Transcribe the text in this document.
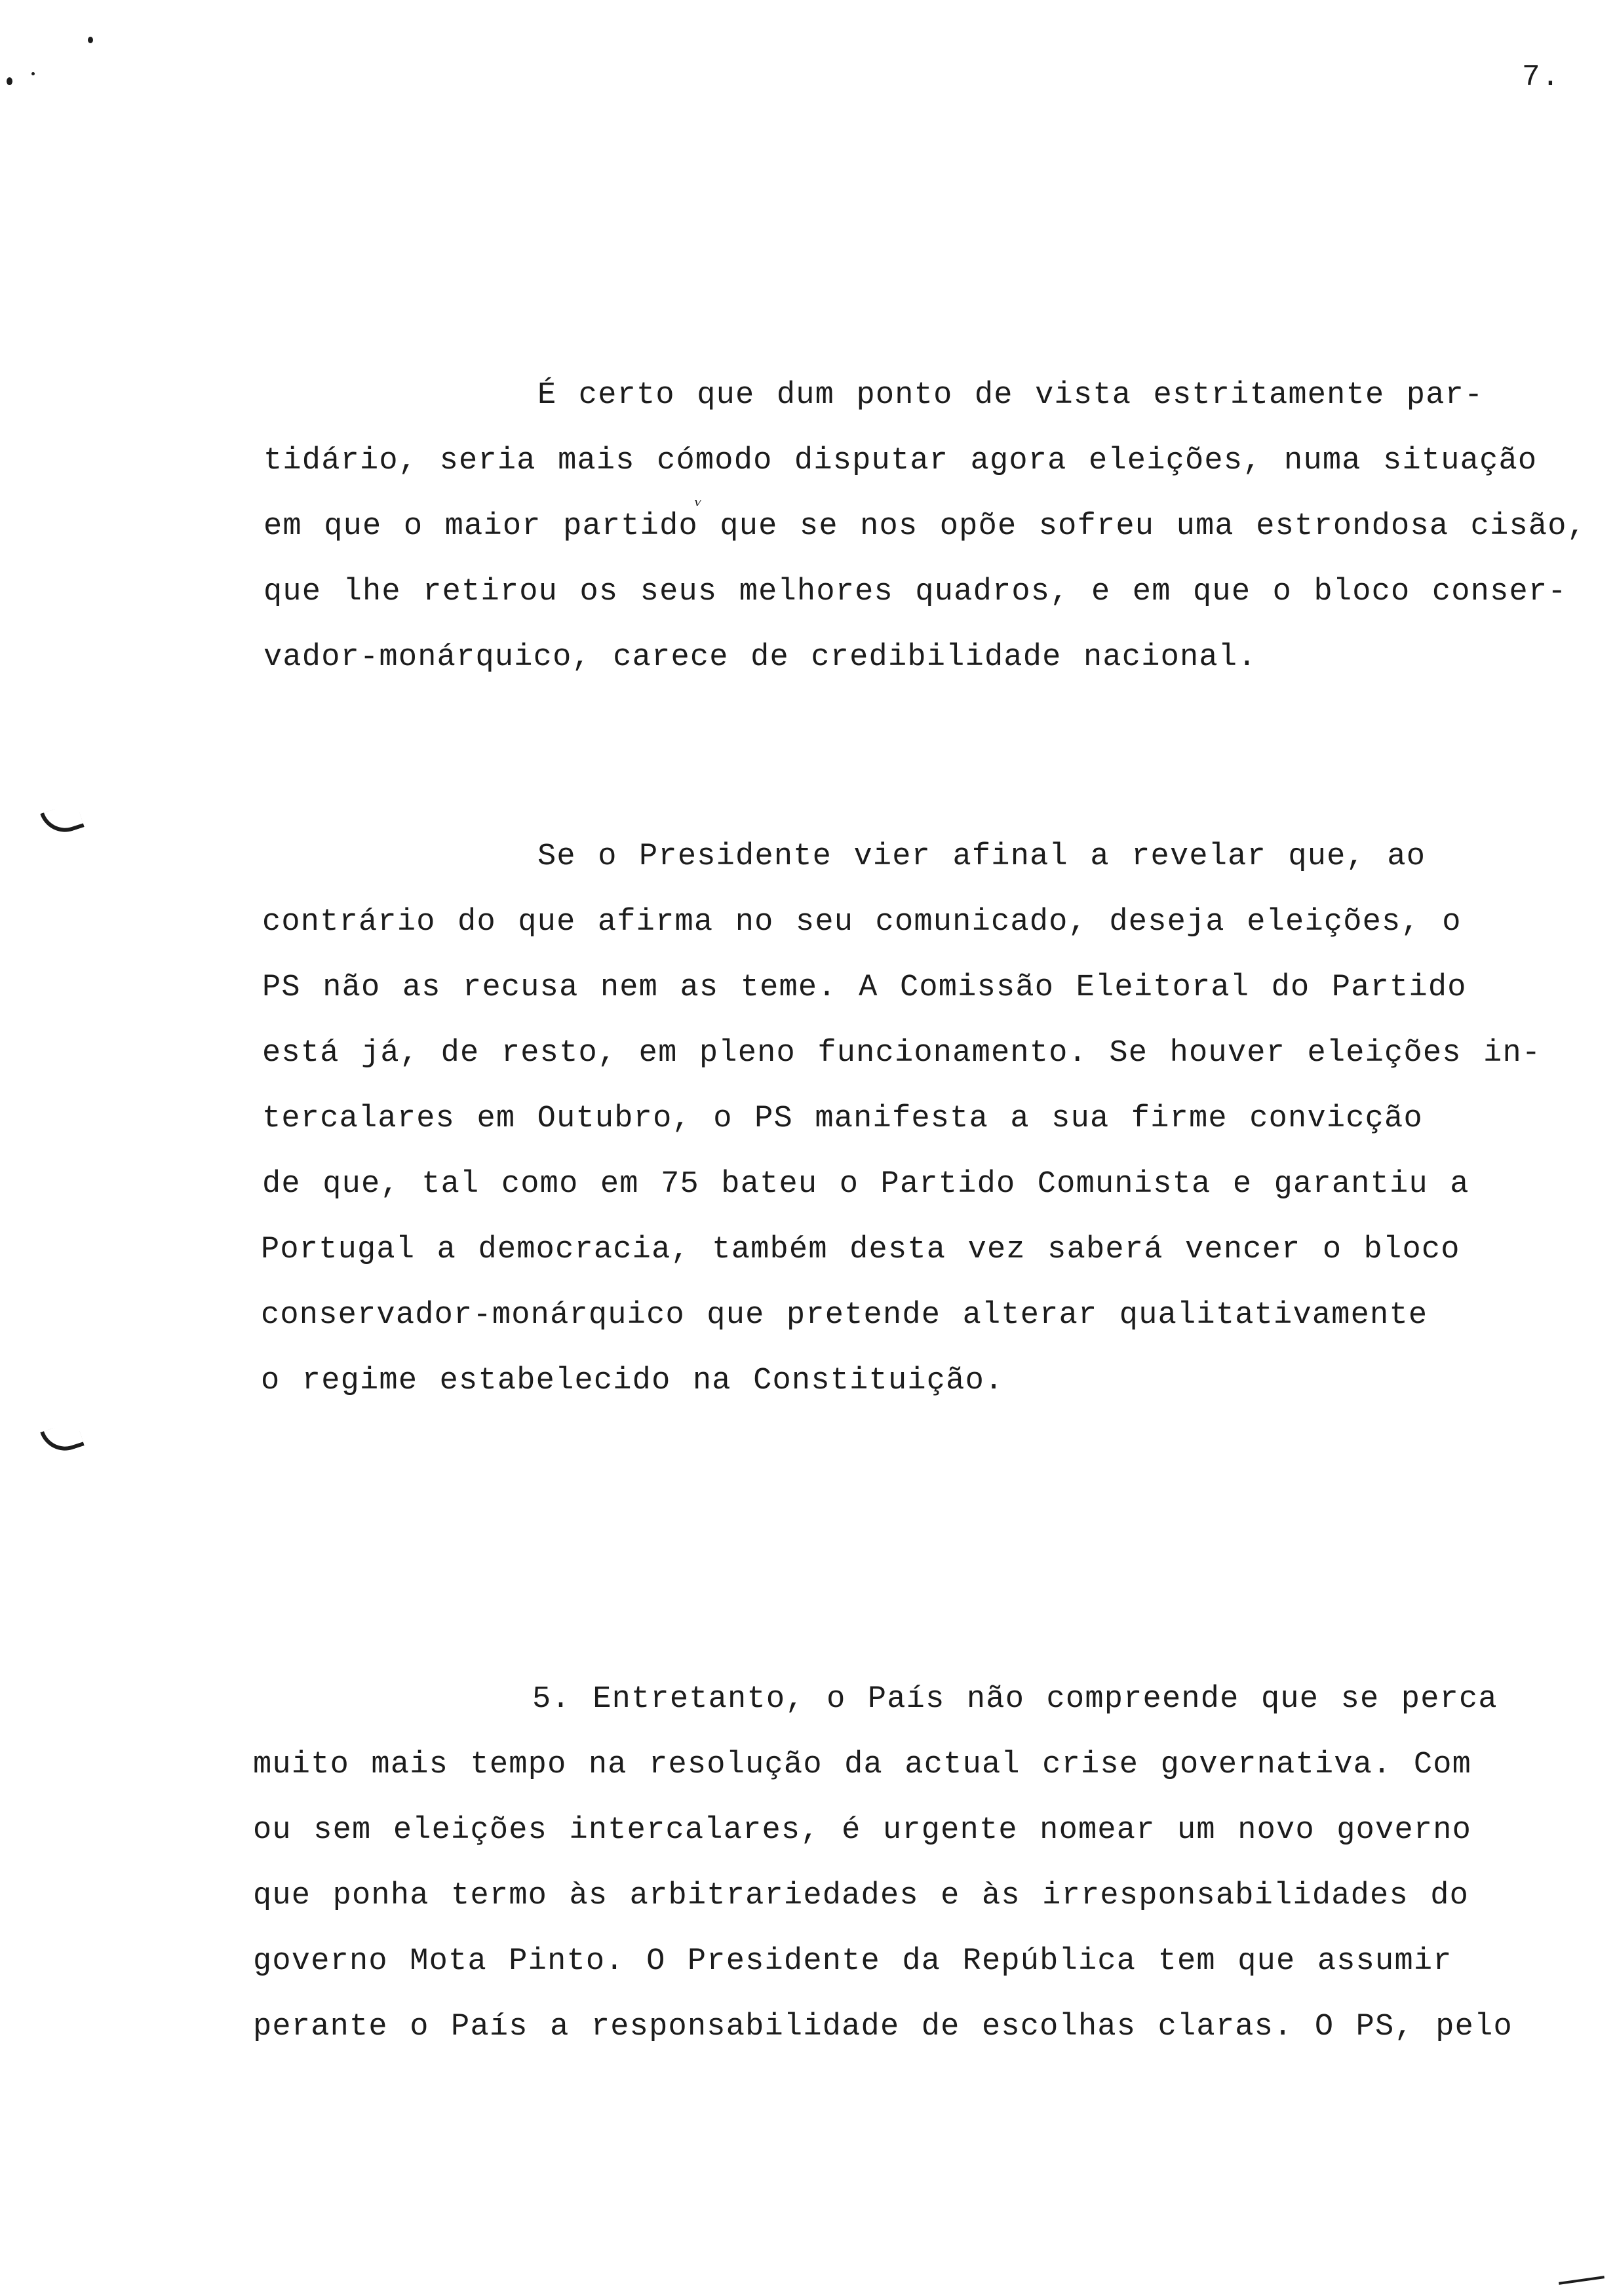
7.
É certo que dum ponto de vista estritamente par-
tidário, seria mais cómodo disputar agora eleições, numa situação
em que o maior partido que se nos opõe sofreu uma estrondosa cisão,
que lhe retirou os seus melhores quadros, e em que o bloco conser-
vador-monárquico, carece de credibilidade nacional.
ᵥ
Se o Presidente vier afinal a revelar que, ao
contrário do que afirma no seu comunicado, deseja eleições, o
PS não as recusa nem as teme. A Comissão Eleitoral do Partido
está já, de resto, em pleno funcionamento. Se houver eleições in-
tercalares em Outubro, o PS manifesta a sua firme convicção
de que, tal como em 75 bateu o Partido Comunista e garantiu a
Portugal a democracia, também desta vez saberá vencer o bloco
conservador-monárquico que pretende alterar qualitativamente
o regime estabelecido na Constituição.
5. Entretanto, o País não compreende que se perca
muito mais tempo na resolução da actual crise governativa. Com
ou sem eleições intercalares, é urgente nomear um novo governo
que ponha termo às arbitrariedades e às irresponsabilidades do
governo Mota Pinto. O Presidente da República tem que assumir
perante o País a responsabilidade de escolhas claras. O PS, pelo
